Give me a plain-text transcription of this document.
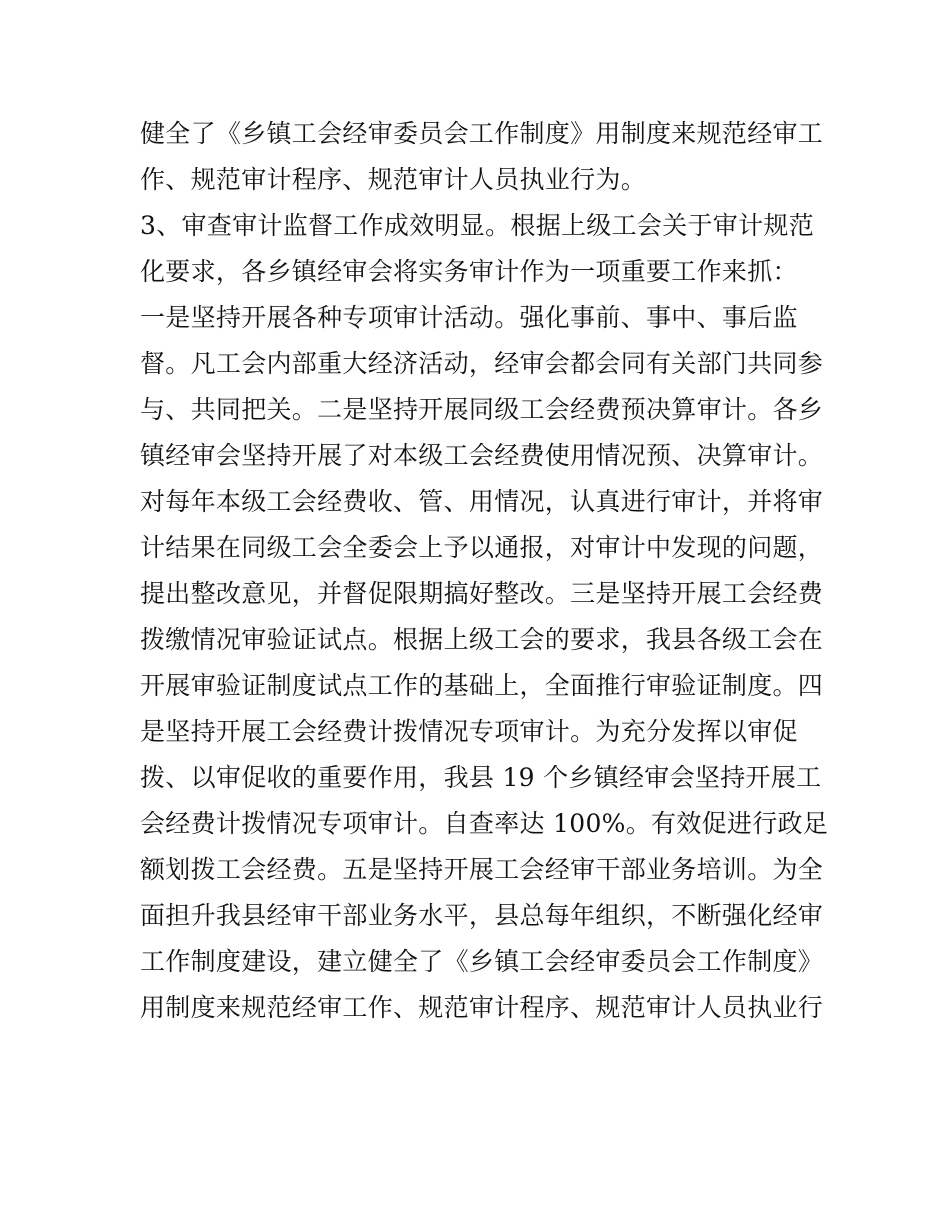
健全了《乡镇工会经审委员会工作制度》用制度来规范经审工
作、规范审计程序、规范审计人员执业行为。
3、审查审计监督工作成效明显。根据上级工会关于审计规范
化要求，各乡镇经审会将实务审计作为一项重要工作来抓：
一是坚持开展各种专项审计活动。强化事前、事中、事后监
督。凡工会内部重大经济活动，经审会都会同有关部门共同参
与、共同把关。二是坚持开展同级工会经费预决算审计。各乡
镇经审会坚持开展了对本级工会经费使用情况预、决算审计。
对每年本级工会经费收、管、用情况，认真进行审计，并将审
计结果在同级工会全委会上予以通报，对审计中发现的问题，
提出整改意见，并督促限期搞好整改。三是坚持开展工会经费
拨缴情况审验证试点。根据上级工会的要求，我县各级工会在
开展审验证制度试点工作的基础上，全面推行审验证制度。四
是坚持开展工会经费计拨情况专项审计。为充分发挥以审促
拨、以审促收的重要作用，我县 19 个乡镇经审会坚持开展工
会经费计拨情况专项审计。自查率达 100%。有效促进行政足
额划拨工会经费。五是坚持开展工会经审干部业务培训。为全
面担升我县经审干部业务水平，县总每年组织，不断强化经审
工作制度建设，建立健全了《乡镇工会经审委员会工作制度》
用制度来规范经审工作、规范审计程序、规范审计人员执业行
